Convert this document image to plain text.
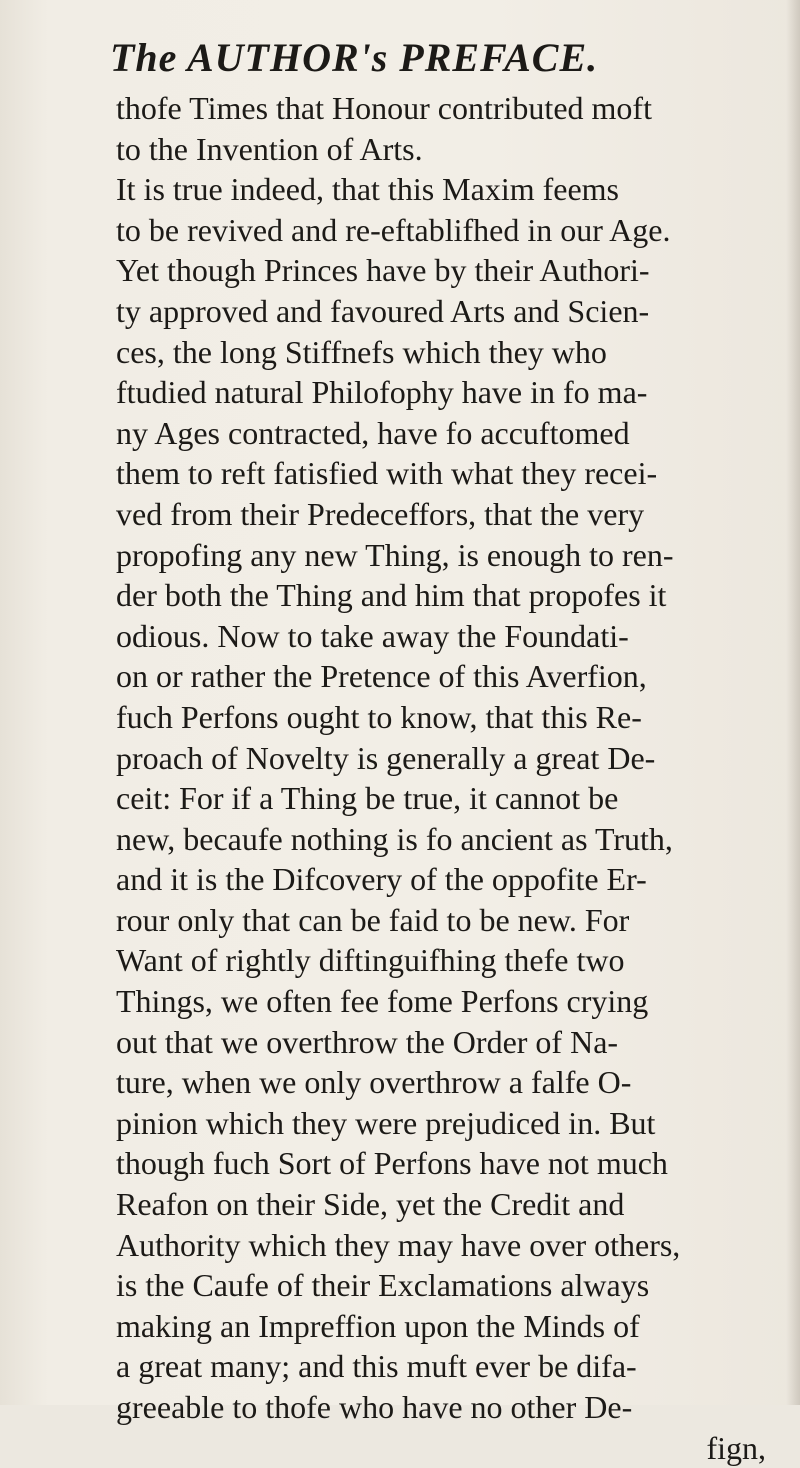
The AUTHOR's PREFACE.
thofe Times that Honour contributed moft
to the Invention of Arts.
It is true indeed, that this Maxim feems
to be revived and re-eftablifhed in our Age.
Yet though Princes have by their Authori-
ty approved and favoured Arts and Scien-
ces, the long Stiffnefs which they who
ftudied natural Philofophy have in fo ma-
ny Ages contracted, have fo accuftomed
them to reft fatisfied with what they recei-
ved from their Predeceffors, that the very
propofing any new Thing, is enough to ren-
der both the Thing and him that propofes it
odious. Now to take away the Foundati-
on or rather the Pretence of this Averfion,
fuch Perfons ought to know, that this Re-
proach of Novelty is generally a great De-
ceit: For if a Thing be true, it cannot be
new, becaufe nothing is fo ancient as Truth,
and it is the Difcovery of the oppofite Er-
rour only that can be faid to be new. For
Want of rightly diftinguifhing thefe two
Things, we often fee fome Perfons crying
out that we overthrow the Order of Na-
ture, when we only overthrow a falfe O-
pinion which they were prejudiced in. But
though fuch Sort of Perfons have not much
Reafon on their Side, yet the Credit and
Authority which they may have over others,
is the Caufe of their Exclamations always
making an Impreffion upon the Minds of
a great many; and this muft ever be difa-
greeable to thofe who have no other De-
fign,
